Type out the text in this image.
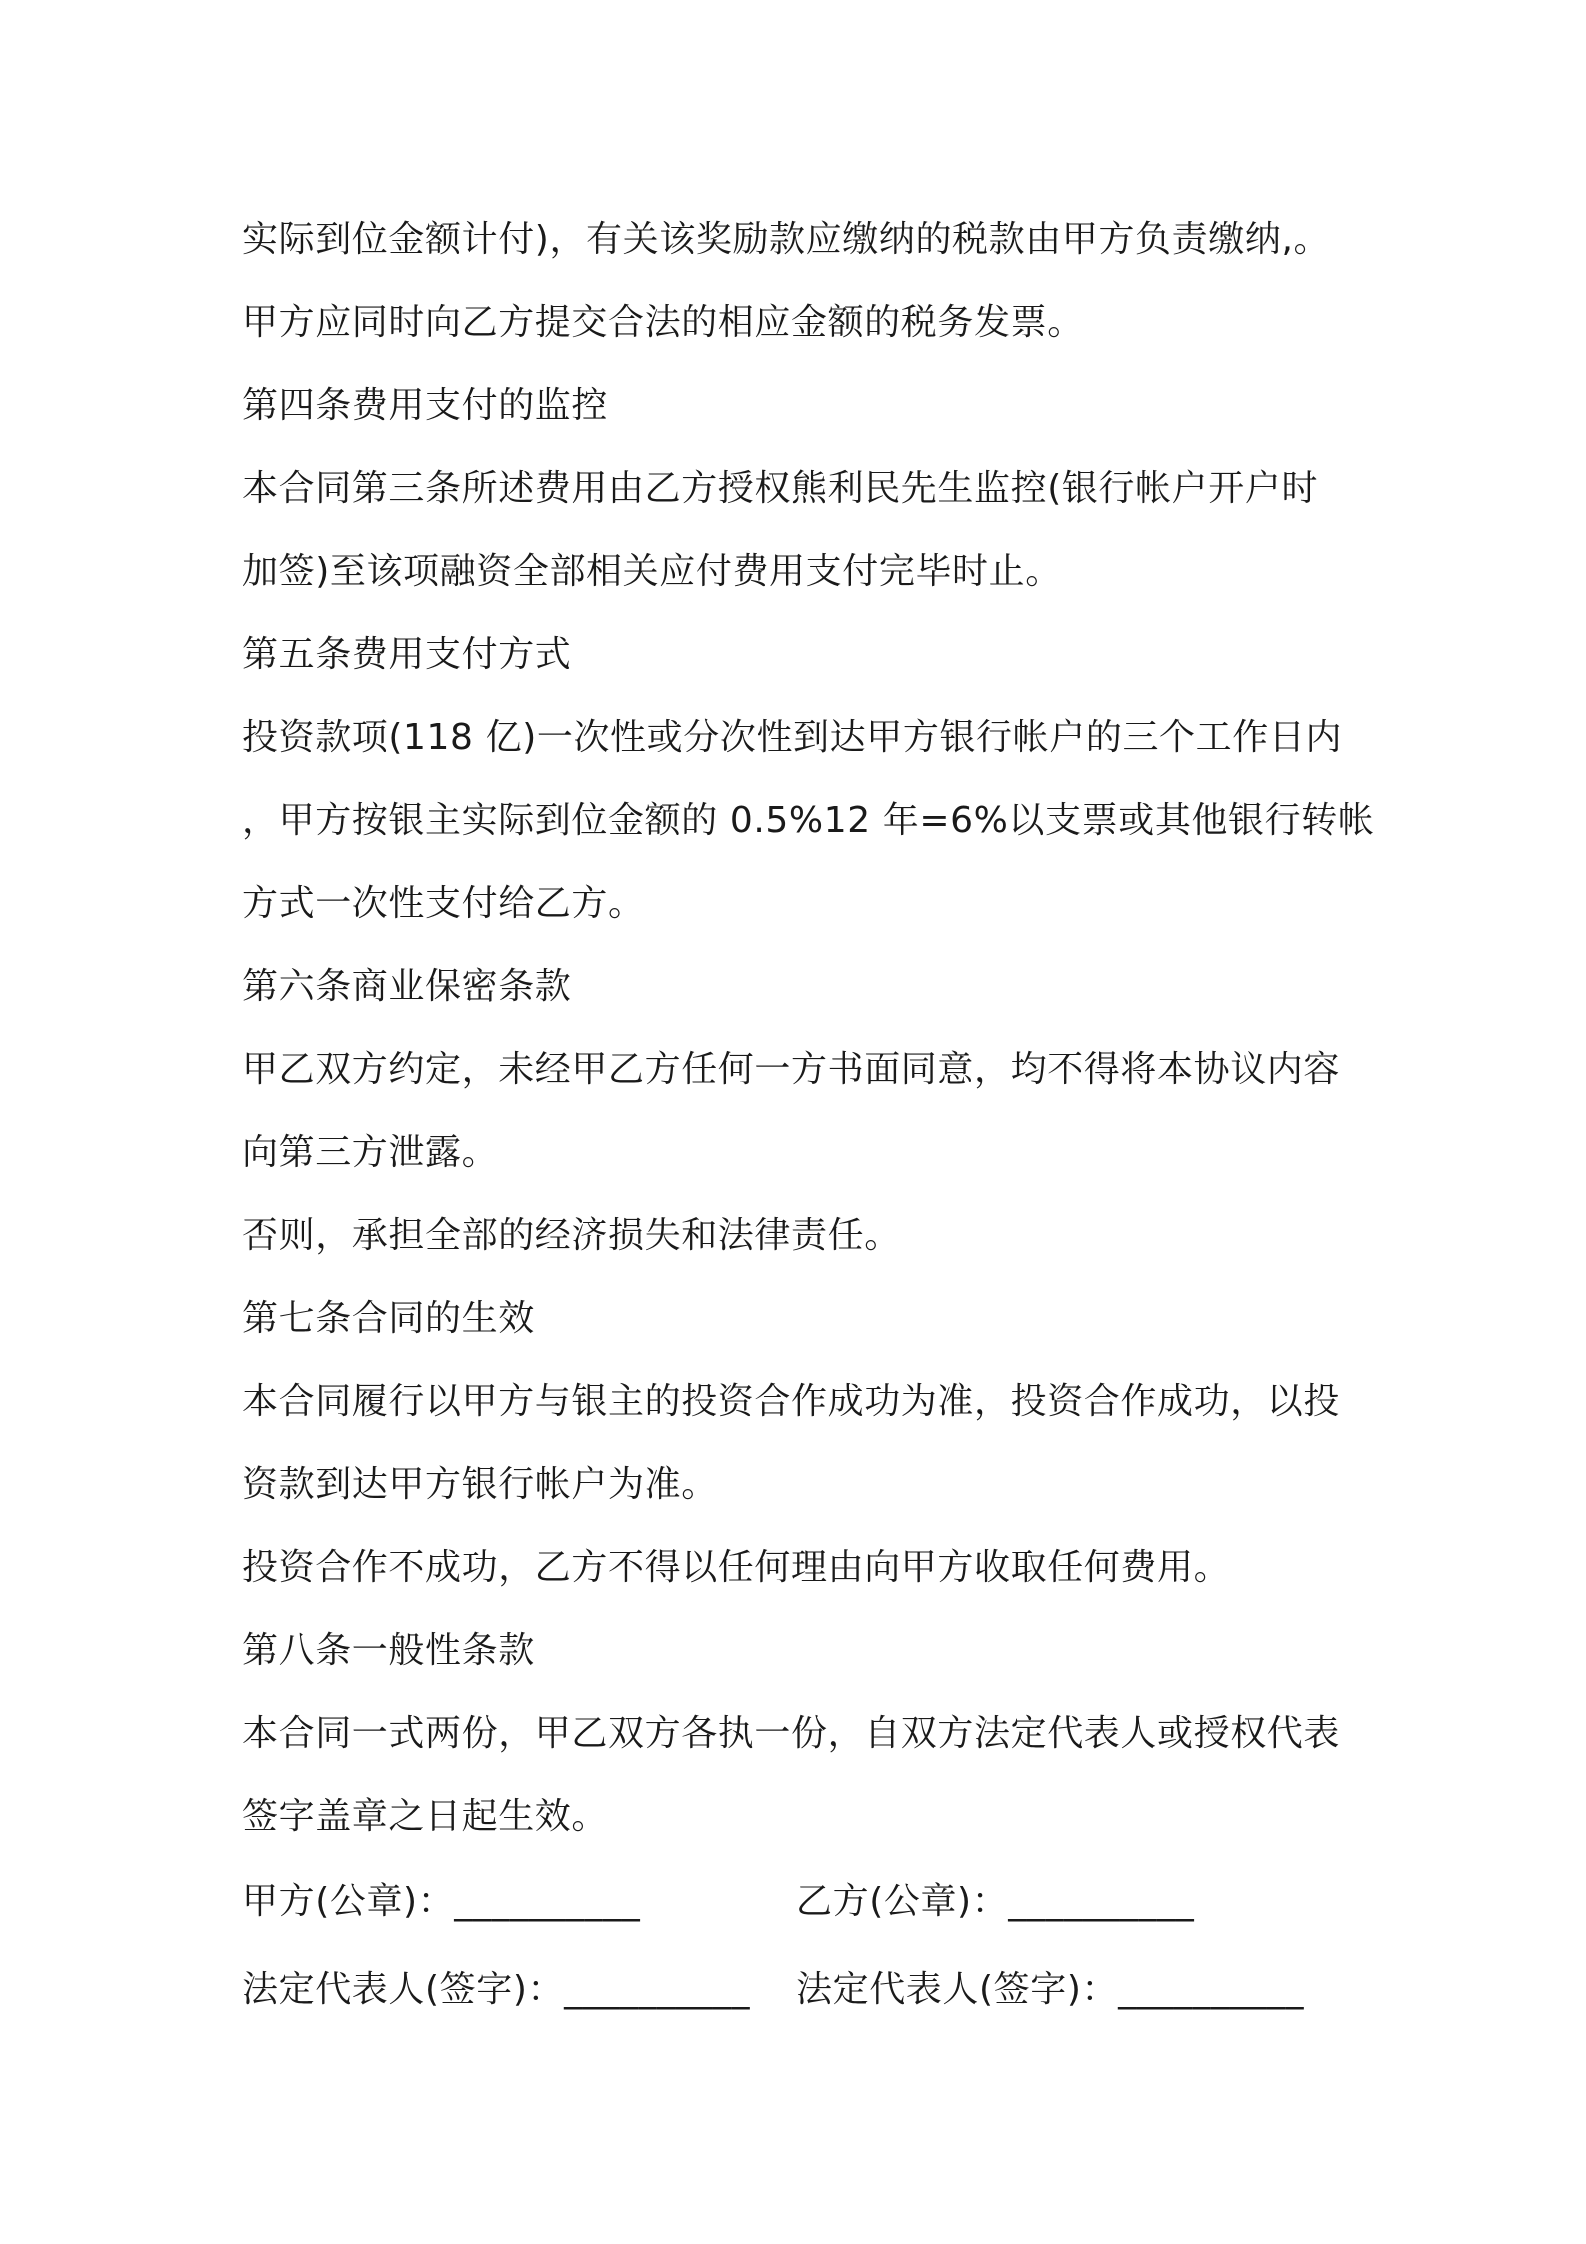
实际到位金额计付)，有关该奖励款应缴纳的税款由甲方负责缴纳,。
甲方应同时向乙方提交合法的相应金额的税务发票。
第四条费用支付的监控
本合同第三条所述费用由乙方授权熊利民先生监控(银行帐户开户时
加签)至该项融资全部相关应付费用支付完毕时止。
第五条费用支付方式
投资款项(118 亿)一次性或分次性到达甲方银行帐户的三个工作日内
，甲方按银主实际到位金额的 0.5%12 年=6%以支票或其他银行转帐
方式一次性支付给乙方。
第六条商业保密条款
甲乙双方约定，未经甲乙方任何一方书面同意，均不得将本协议内容
向第三方泄露。
否则，承担全部的经济损失和法律责任。
第七条合同的生效
本合同履行以甲方与银主的投资合作成功为准，投资合作成功，以投
资款到达甲方银行帐户为准。
投资合作不成功，乙方不得以任何理由向甲方收取任何费用。
第八条一般性条款
本合同一式两份，甲乙双方各执一份，自双方法定代表人或授权代表
签字盖章之日起生效。
甲方(公章)：__________	乙方(公章)：__________
法定代表人(签字)：__________ 法定代表人(签字)：__________
